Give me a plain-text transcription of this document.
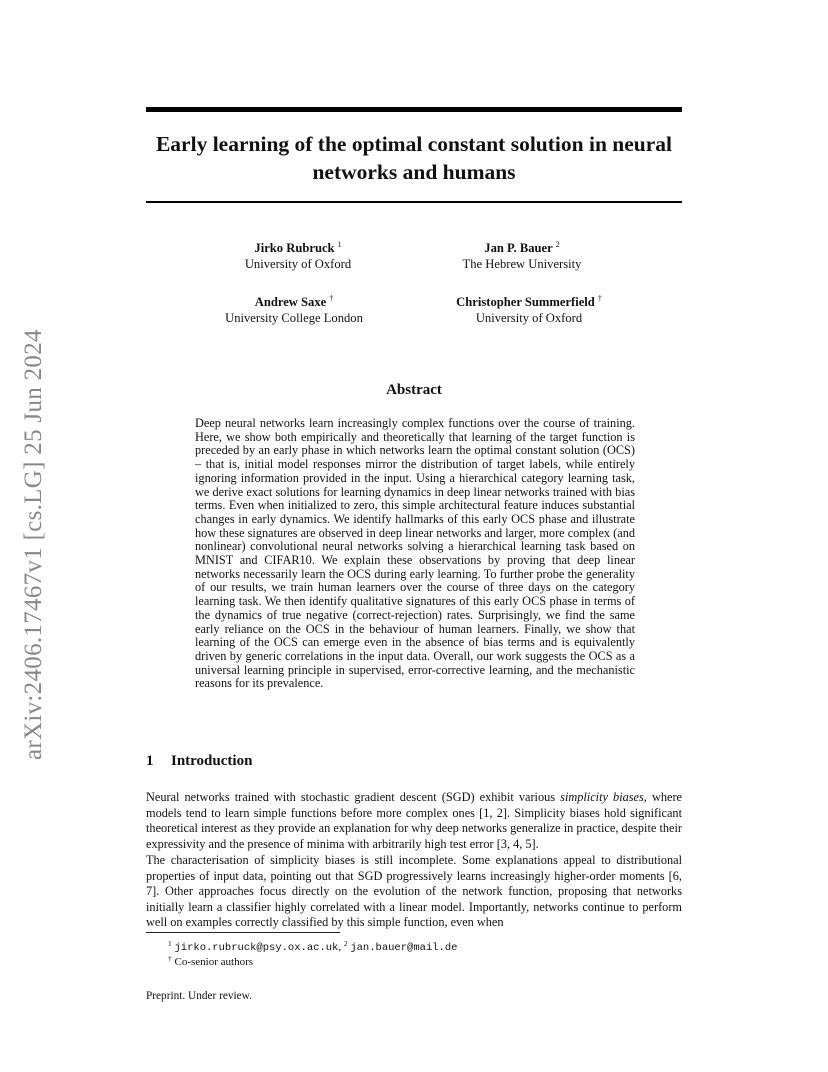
arXiv:2406.17467v1 [cs.LG] 25 Jun 2024
Early learning of the optimal constant solution in neural networks and humans
Jirko Rubruck $^1$
University of Oxford
Jan P. Bauer $^2$
The Hebrew University
Andrew Saxe †
University College London
Christopher Summerfield †
University of Oxford
Abstract
Deep neural networks learn increasingly complex functions over the course of training. Here, we show both empirically and theoretically that learning of the target function is preceded by an early phase in which networks learn the optimal constant solution (OCS) – that is, initial model responses mirror the distribution of target labels, while entirely ignoring information provided in the input. Using a hierarchical category learning task, we derive exact solutions for learning dynamics in deep linear networks trained with bias terms. Even when initialized to zero, this simple architectural feature induces substantial changes in early dynamics. We identify hallmarks of this early OCS phase and illustrate how these signatures are observed in deep linear networks and larger, more complex (and nonlinear) convolutional neural networks solving a hierarchical learning task based on MNIST and CIFAR10. We explain these observations by proving that deep linear networks necessarily learn the OCS during early learning. To further probe the generality of our results, we train human learners over the course of three days on the category learning task. We then identify qualitative signatures of this early OCS phase in terms of the dynamics of true negative (correct-rejection) rates. Surprisingly, we find the same early reliance on the OCS in the behaviour of human learners. Finally, we show that learning of the OCS can emerge even in the absence of bias terms and is equivalently driven by generic correlations in the input data. Overall, our work suggests the OCS as a universal learning principle in supervised, error-corrective learning, and the mechanistic reasons for its prevalence.
1 Introduction
Neural networks trained with stochastic gradient descent (SGD) exhibit various simplicity biases, where models tend to learn simple functions before more complex ones [1, 2]. Simplicity biases hold significant theoretical interest as they provide an explanation for why deep networks generalize in practice, despite their expressivity and the presence of minima with arbitrarily high test error [3, 4, 5].
The characterisation of simplicity biases is still incomplete. Some explanations appeal to distributional properties of input data, pointing out that SGD progressively learns increasingly higher-order moments [6, 7]. Other approaches focus directly on the evolution of the network function, proposing that networks initially learn a classifier highly correlated with a linear model. Importantly, networks continue to perform well on examples correctly classified by this simple function, even when
$^1$ jirko.rubruck@psy.ox.ac.uk, $^2$ jan.bauer@mail.de
† Co-senior authors
Preprint. Under review.
